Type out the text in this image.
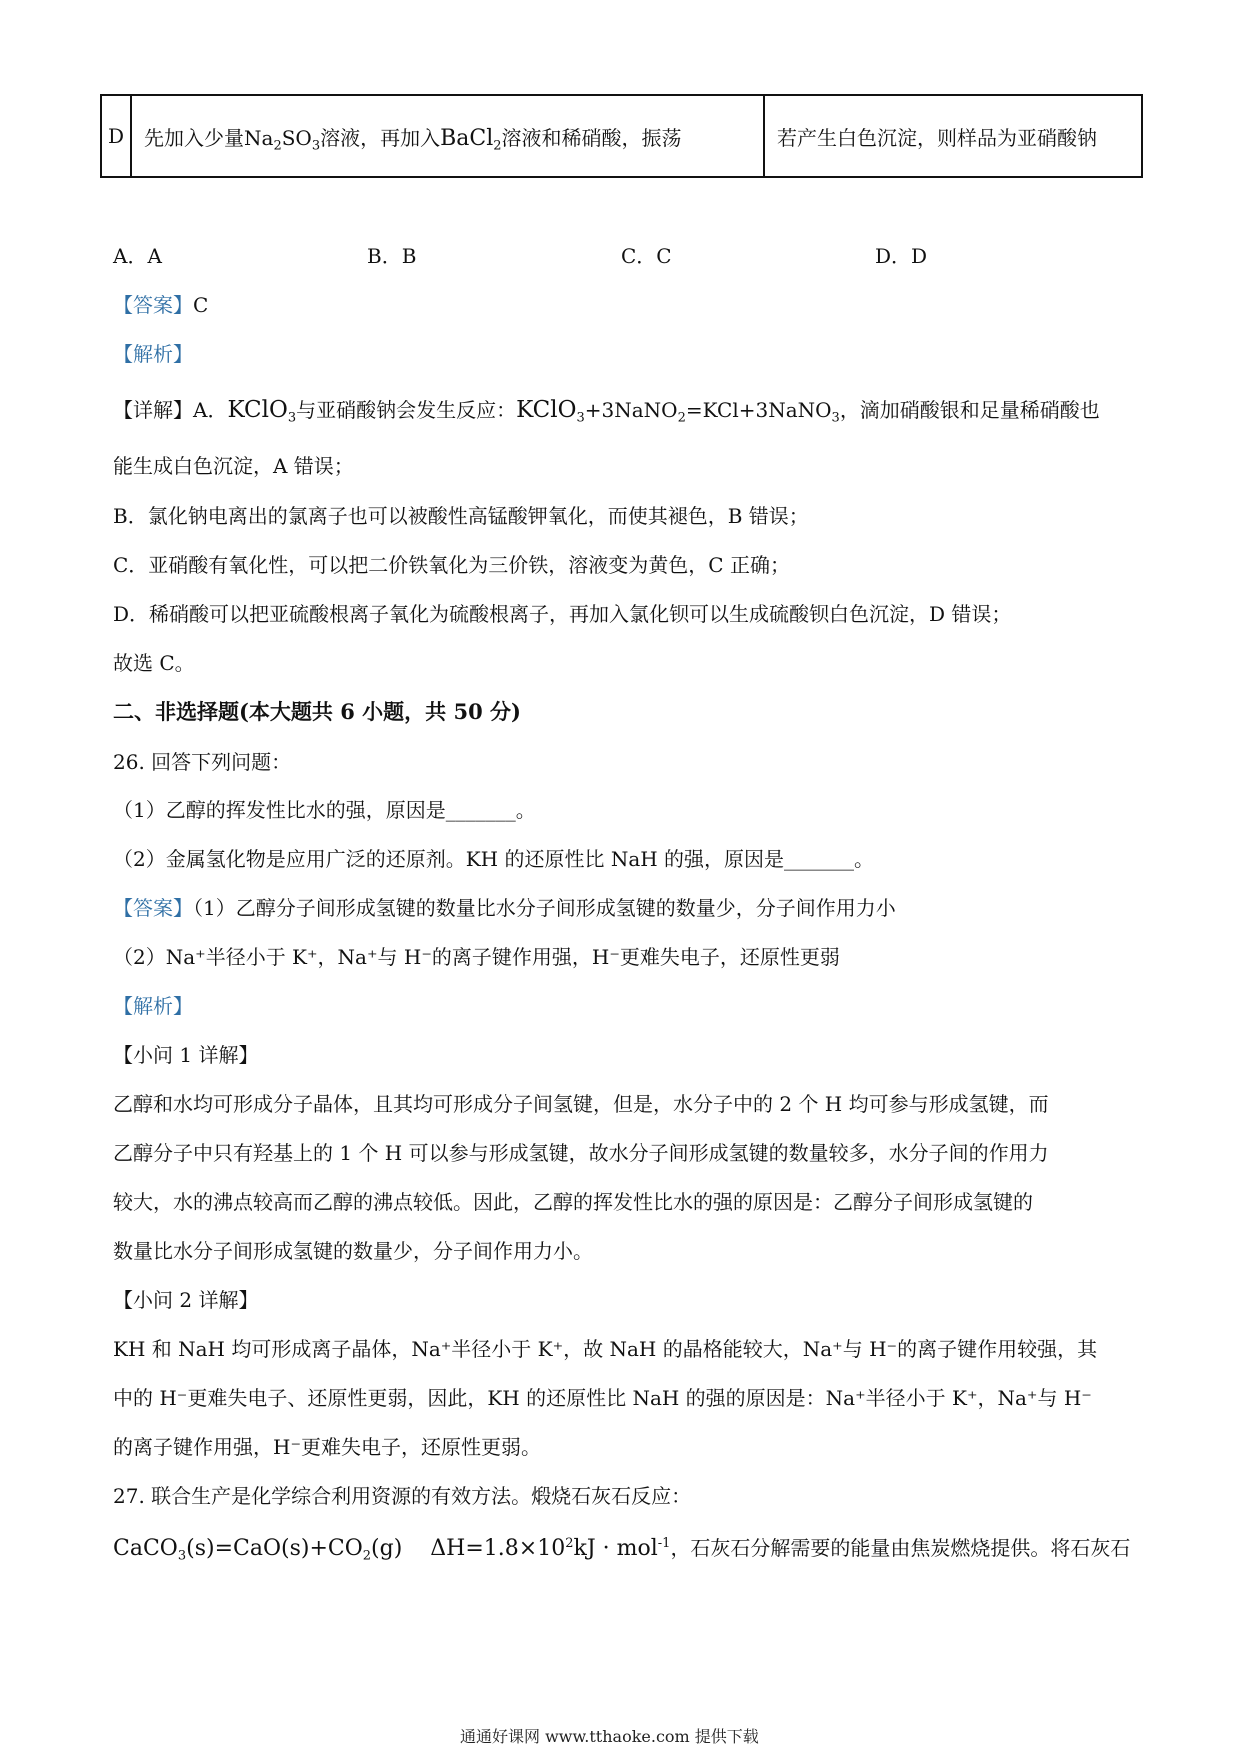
D	先加入少量$Na_2SO_3$溶液，再加入BaCl$_2$溶液和稀硝酸，振荡	若产生白色沉淀，则样品为亚硝酸钠
A．A	B．B	C．C	D．D
【答案】C
【解析】
【详解】A．KClO$_3$与亚硝酸钠会发生反应：KClO$_3$+3NaNO$_2$=KCl+3NaNO$_3$，滴加硝酸银和足量稀硝酸也
能生成白色沉淀，A 错误；
B．氯化钠电离出的氯离子也可以被酸性高锰酸钾氧化，而使其褪色，B 错误；
C．亚硝酸有氧化性，可以把二价铁氧化为三价铁，溶液变为黄色，C 正确；
D．稀硝酸可以把亚硫酸根离子氧化为硫酸根离子，再加入氯化钡可以生成硫酸钡白色沉淀，D 错误；
故选 C。
二、非选择题(本大题共 6 小题，共 50 分)
26. 回答下列问题：
（1）乙醇的挥发性比水的强，原因是_______。
（2）金属氢化物是应用广泛的还原剂。KH 的还原性比 NaH 的强，原因是_______。
【答案】（1）乙醇分子间形成氢键的数量比水分子间形成氢键的数量少，分子间作用力小
（2）Na⁺半径小于 K⁺，Na⁺与 H⁻的离子键作用强，H⁻更难失电子，还原性更弱
【解析】
【小问 1 详解】
乙醇和水均可形成分子晶体，且其均可形成分子间氢键，但是，水分子中的 2 个 H 均可参与形成氢键，而
乙醇分子中只有羟基上的 1 个 H 可以参与形成氢键，故水分子间形成氢键的数量较多，水分子间的作用力
较大，水的沸点较高而乙醇的沸点较低。因此，乙醇的挥发性比水的强的原因是：乙醇分子间形成氢键的
数量比水分子间形成氢键的数量少，分子间作用力小。
【小问 2 详解】
KH 和 NaH 均可形成离子晶体，Na⁺半径小于 K⁺，故 NaH 的晶格能较大，Na⁺与 H⁻的离子键作用较强，其
中的 H⁻更难失电子、还原性更弱，因此，KH 的还原性比 NaH 的强的原因是：Na⁺半径小于 K⁺，Na⁺与 H⁻
的离子键作用强，H⁻更难失电子，还原性更弱。
27. 联合生产是化学综合利用资源的有效方法。煅烧石灰石反应：
$CaCO_3(s)=CaO(s)+CO_2(g) \Delta H=1.8\times 10^2kJ \cdot mol^{-1}$，石灰石分解需要的能量由焦炭燃烧提供。将石灰石
通通好课网 www.tthaoke.com 提供下载
